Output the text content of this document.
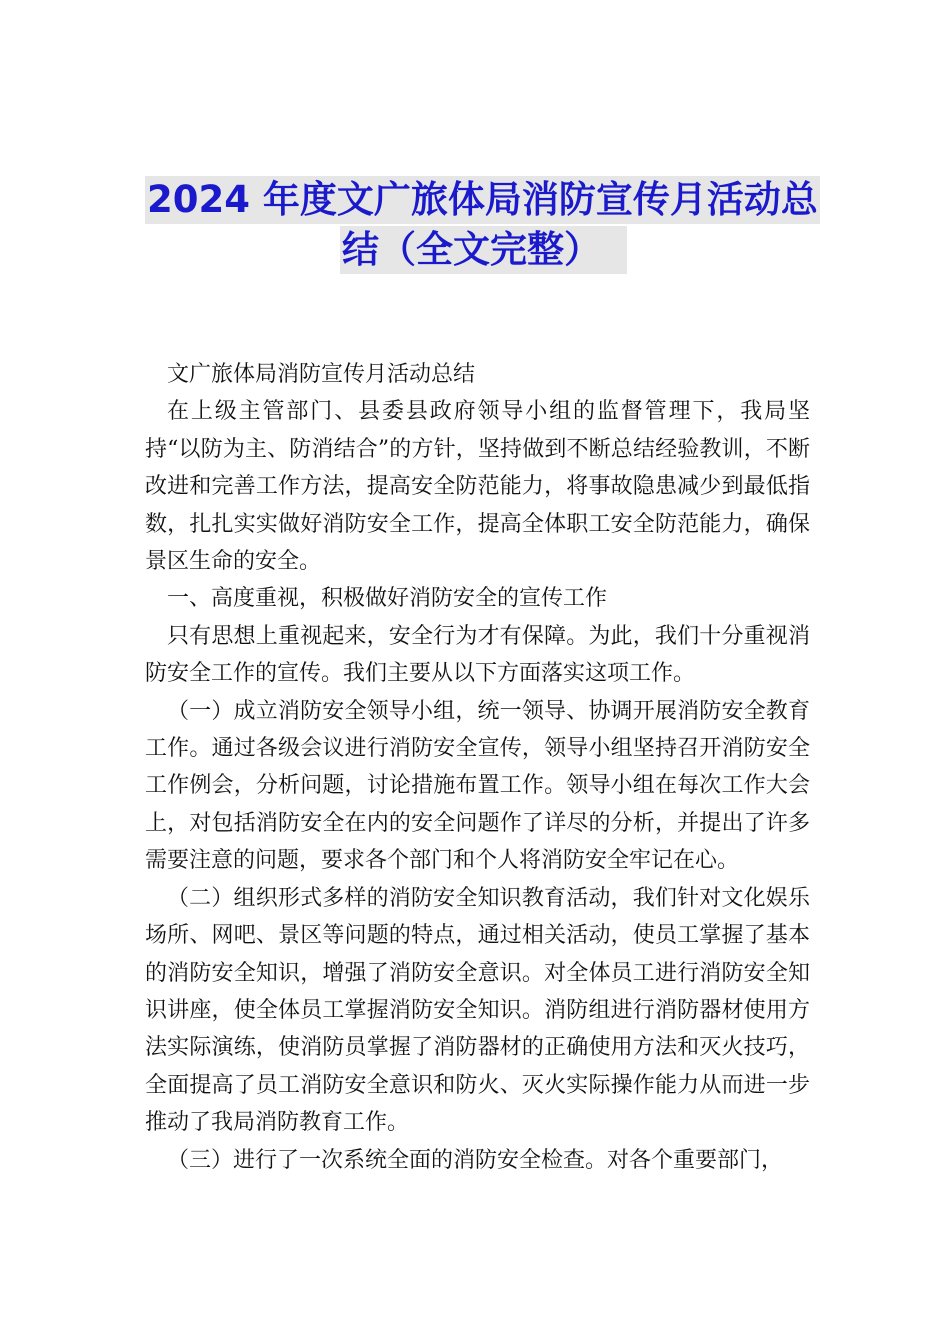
2024 年度文广旅体局消防宣传月活动总
结（全文完整）

文广旅体局消防宣传月活动总结

在上级主管部门、县委县政府领导小组的监督管理下，我局坚持“以防为主、防消结合”的方针，坚持做到不断总结经验教训，不断改进和完善工作方法，提高安全防范能力，将事故隐患减少到最低指数，扎扎实实做好消防安全工作，提高全体职工安全防范能力，确保景区生命的安全。

一、高度重视，积极做好消防安全的宣传工作

只有思想上重视起来，安全行为才有保障。为此，我们十分重视消防安全工作的宣传。我们主要从以下方面落实这项工作。

（一）成立消防安全领导小组，统一领导、协调开展消防安全教育工作。通过各级会议进行消防安全宣传，领导小组坚持召开消防安全工作例会，分析问题，讨论措施布置工作。领导小组在每次工作大会上，对包括消防安全在内的安全问题作了详尽的分析，并提出了许多需要注意的问题，要求各个部门和个人将消防安全牢记在心。

（二）组织形式多样的消防安全知识教育活动，我们针对文化娱乐场所、网吧、景区等问题的特点，通过相关活动，使员工掌握了基本的消防安全知识，增强了消防安全意识。对全体员工进行消防安全知识讲座，使全体员工掌握消防安全知识。消防组进行消防器材使用方法实际演练，使消防员掌握了消防器材的正确使用方法和灭火技巧，全面提高了员工消防安全意识和防火、灭火实际操作能力从而进一步推动了我局消防教育工作。

（三）进行了一次系统全面的消防安全检查。对各个重要部门，
